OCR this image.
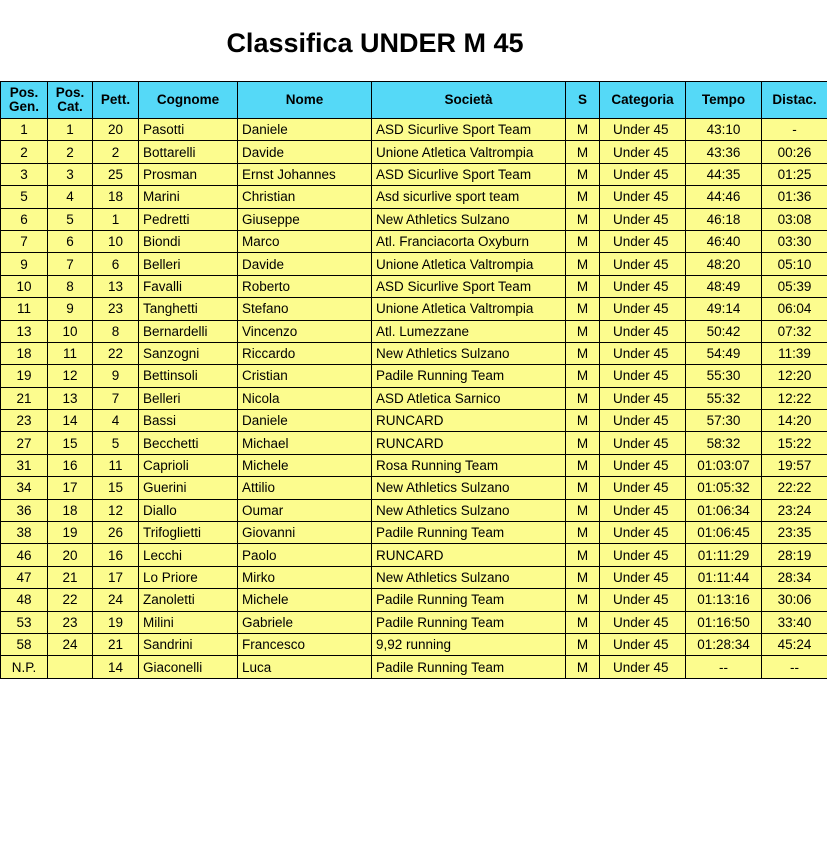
Classifica UNDER M 45
Pos. Gen.	Pos. Cat.	Pett.	Cognome	Nome	Società	S	Categoria	Tempo	Distac.
1	1	20	Pasotti	Daniele	ASD Sicurlive Sport Team	M	Under 45	43:10	-
2	2	2	Bottarelli	Davide	Unione Atletica Valtrompia	M	Under 45	43:36	00:26
3	3	25	Prosman	Ernst Johannes	ASD Sicurlive Sport Team	M	Under 45	44:35	01:25
5	4	18	Marini	Christian	Asd sicurlive sport team	M	Under 45	44:46	01:36
6	5	1	Pedretti	Giuseppe	New Athletics Sulzano	M	Under 45	46:18	03:08
7	6	10	Biondi	Marco	Atl. Franciacorta Oxyburn	M	Under 45	46:40	03:30
9	7	6	Belleri	Davide	Unione Atletica Valtrompia	M	Under 45	48:20	05:10
10	8	13	Favalli	Roberto	ASD Sicurlive Sport Team	M	Under 45	48:49	05:39
11	9	23	Tanghetti	Stefano	Unione Atletica Valtrompia	M	Under 45	49:14	06:04
13	10	8	Bernardelli	Vincenzo	Atl. Lumezzane	M	Under 45	50:42	07:32
18	11	22	Sanzogni	Riccardo	New Athletics Sulzano	M	Under 45	54:49	11:39
19	12	9	Bettinsoli	Cristian	Padile Running Team	M	Under 45	55:30	12:20
21	13	7	Belleri	Nicola	ASD Atletica Sarnico	M	Under 45	55:32	12:22
23	14	4	Bassi	Daniele	RUNCARD	M	Under 45	57:30	14:20
27	15	5	Becchetti	Michael	RUNCARD	M	Under 45	58:32	15:22
31	16	11	Caprioli	Michele	Rosa Running Team	M	Under 45	01:03:07	19:57
34	17	15	Guerini	Attilio	New Athletics Sulzano	M	Under 45	01:05:32	22:22
36	18	12	Diallo	Oumar	New Athletics Sulzano	M	Under 45	01:06:34	23:24
38	19	26	Trifoglietti	Giovanni	Padile Running Team	M	Under 45	01:06:45	23:35
46	20	16	Lecchi	Paolo	RUNCARD	M	Under 45	01:11:29	28:19
47	21	17	Lo Priore	Mirko	New Athletics Sulzano	M	Under 45	01:11:44	28:34
48	22	24	Zanoletti	Michele	Padile Running Team	M	Under 45	01:13:16	30:06
53	23	19	Milini	Gabriele	Padile Running Team	M	Under 45	01:16:50	33:40
58	24	21	Sandrini	Francesco	9,92 running	M	Under 45	01:28:34	45:24
N.P.		14	Giaconelli	Luca	Padile Running Team	M	Under 45	--	--
